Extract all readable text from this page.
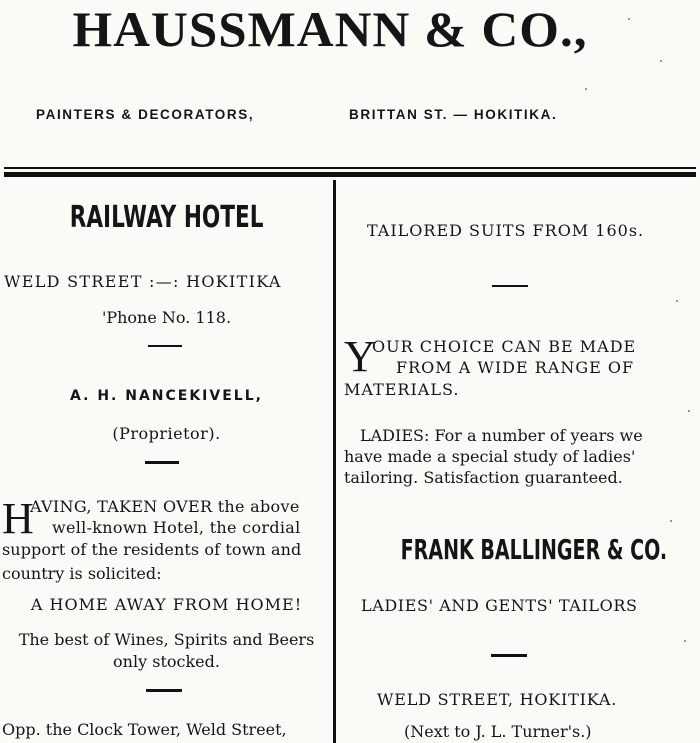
HAUSSMANN & CO.,
PAINTERS & DECORATORS,	BRITTAN ST. — HOKITIKA.
RAILWAY HOTEL
WELD STREET :—: HOKITIKA
'Phone No. 118.
A. H. NANCEKIVELL,
(Proprietor).
H
AVING, TAKEN OVER the above
well-known Hotel, the cordial
support of the residents of town and
country is solicited:
A HOME AWAY FROM HOME!
The best of Wines, Spirits and Beers
only stocked.
Opp. the Clock Tower, Weld Street,
TAILORED SUITS FROM 160s.
Y
OUR CHOICE CAN BE MADE
FROM A WIDE RANGE OF
MATERIALS.
LADIES: For a number of years we
have made a special study of ladies'
tailoring. Satisfaction guaranteed.
FRANK BALLINGER & CO.
LADIES' AND GENTS' TAILORS
WELD STREET, HOKITIKA.
(Next to J. L. Turner's.)
